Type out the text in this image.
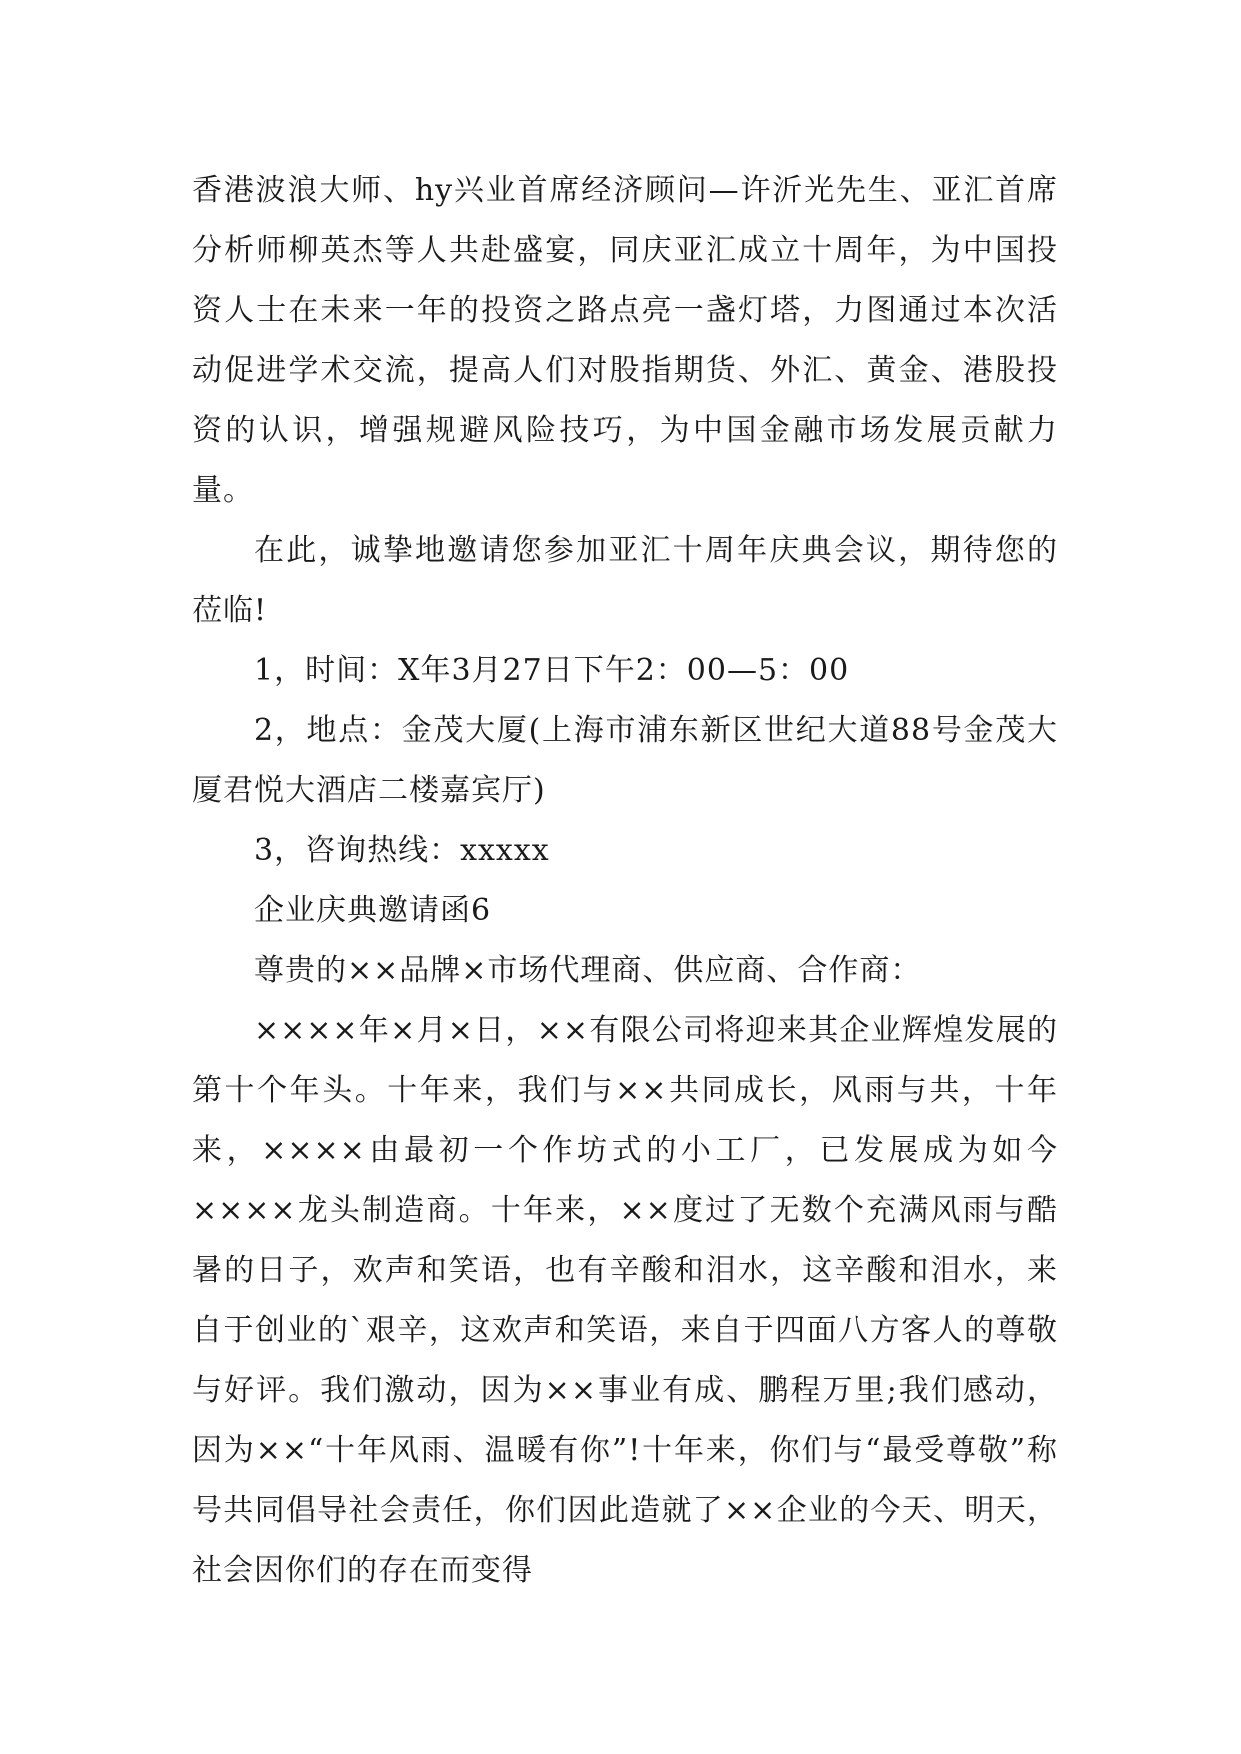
香港波浪大师、hy兴业首席经济顾问—许沂光先生、亚汇首席分析师柳英杰等人共赴盛宴，同庆亚汇成立十周年，为中国投资人士在未来一年的投资之路点亮一盏灯塔，力图通过本次活动促进学术交流，提高人们对股指期货、外汇、黄金、港股投资的认识，增强规避风险技巧，为中国金融市场发展贡献力量。

在此，诚挚地邀请您参加亚汇十周年庆典会议，期待您的莅临!

1，时间：X年3月27日下午2：00—5：00

2，地点：金茂大厦(上海市浦东新区世纪大道88号金茂大厦君悦大酒店二楼嘉宾厅)

3，咨询热线：xxxxx

企业庆典邀请函6

尊贵的××品牌×市场代理商、供应商、合作商：

××××年×月×日，××有限公司将迎来其企业辉煌发展的第十个年头。十年来，我们与××共同成长，风雨与共，十年来，××××由最初一个作坊式的小工厂，已发展成为如今××××龙头制造商。十年来，××度过了无数个充满风雨与酷暑的日子，欢声和笑语，也有辛酸和泪水，这辛酸和泪水，来自于创业的`艰辛，这欢声和笑语，来自于四面八方客人的尊敬与好评。我们激动，因为××事业有成、鹏程万里;我们感动，因为××“十年风雨、温暖有你”!十年来，你们与“最受尊敬”称号共同倡导社会责任，你们因此造就了××企业的今天、明天，社会因你们的存在而变得
